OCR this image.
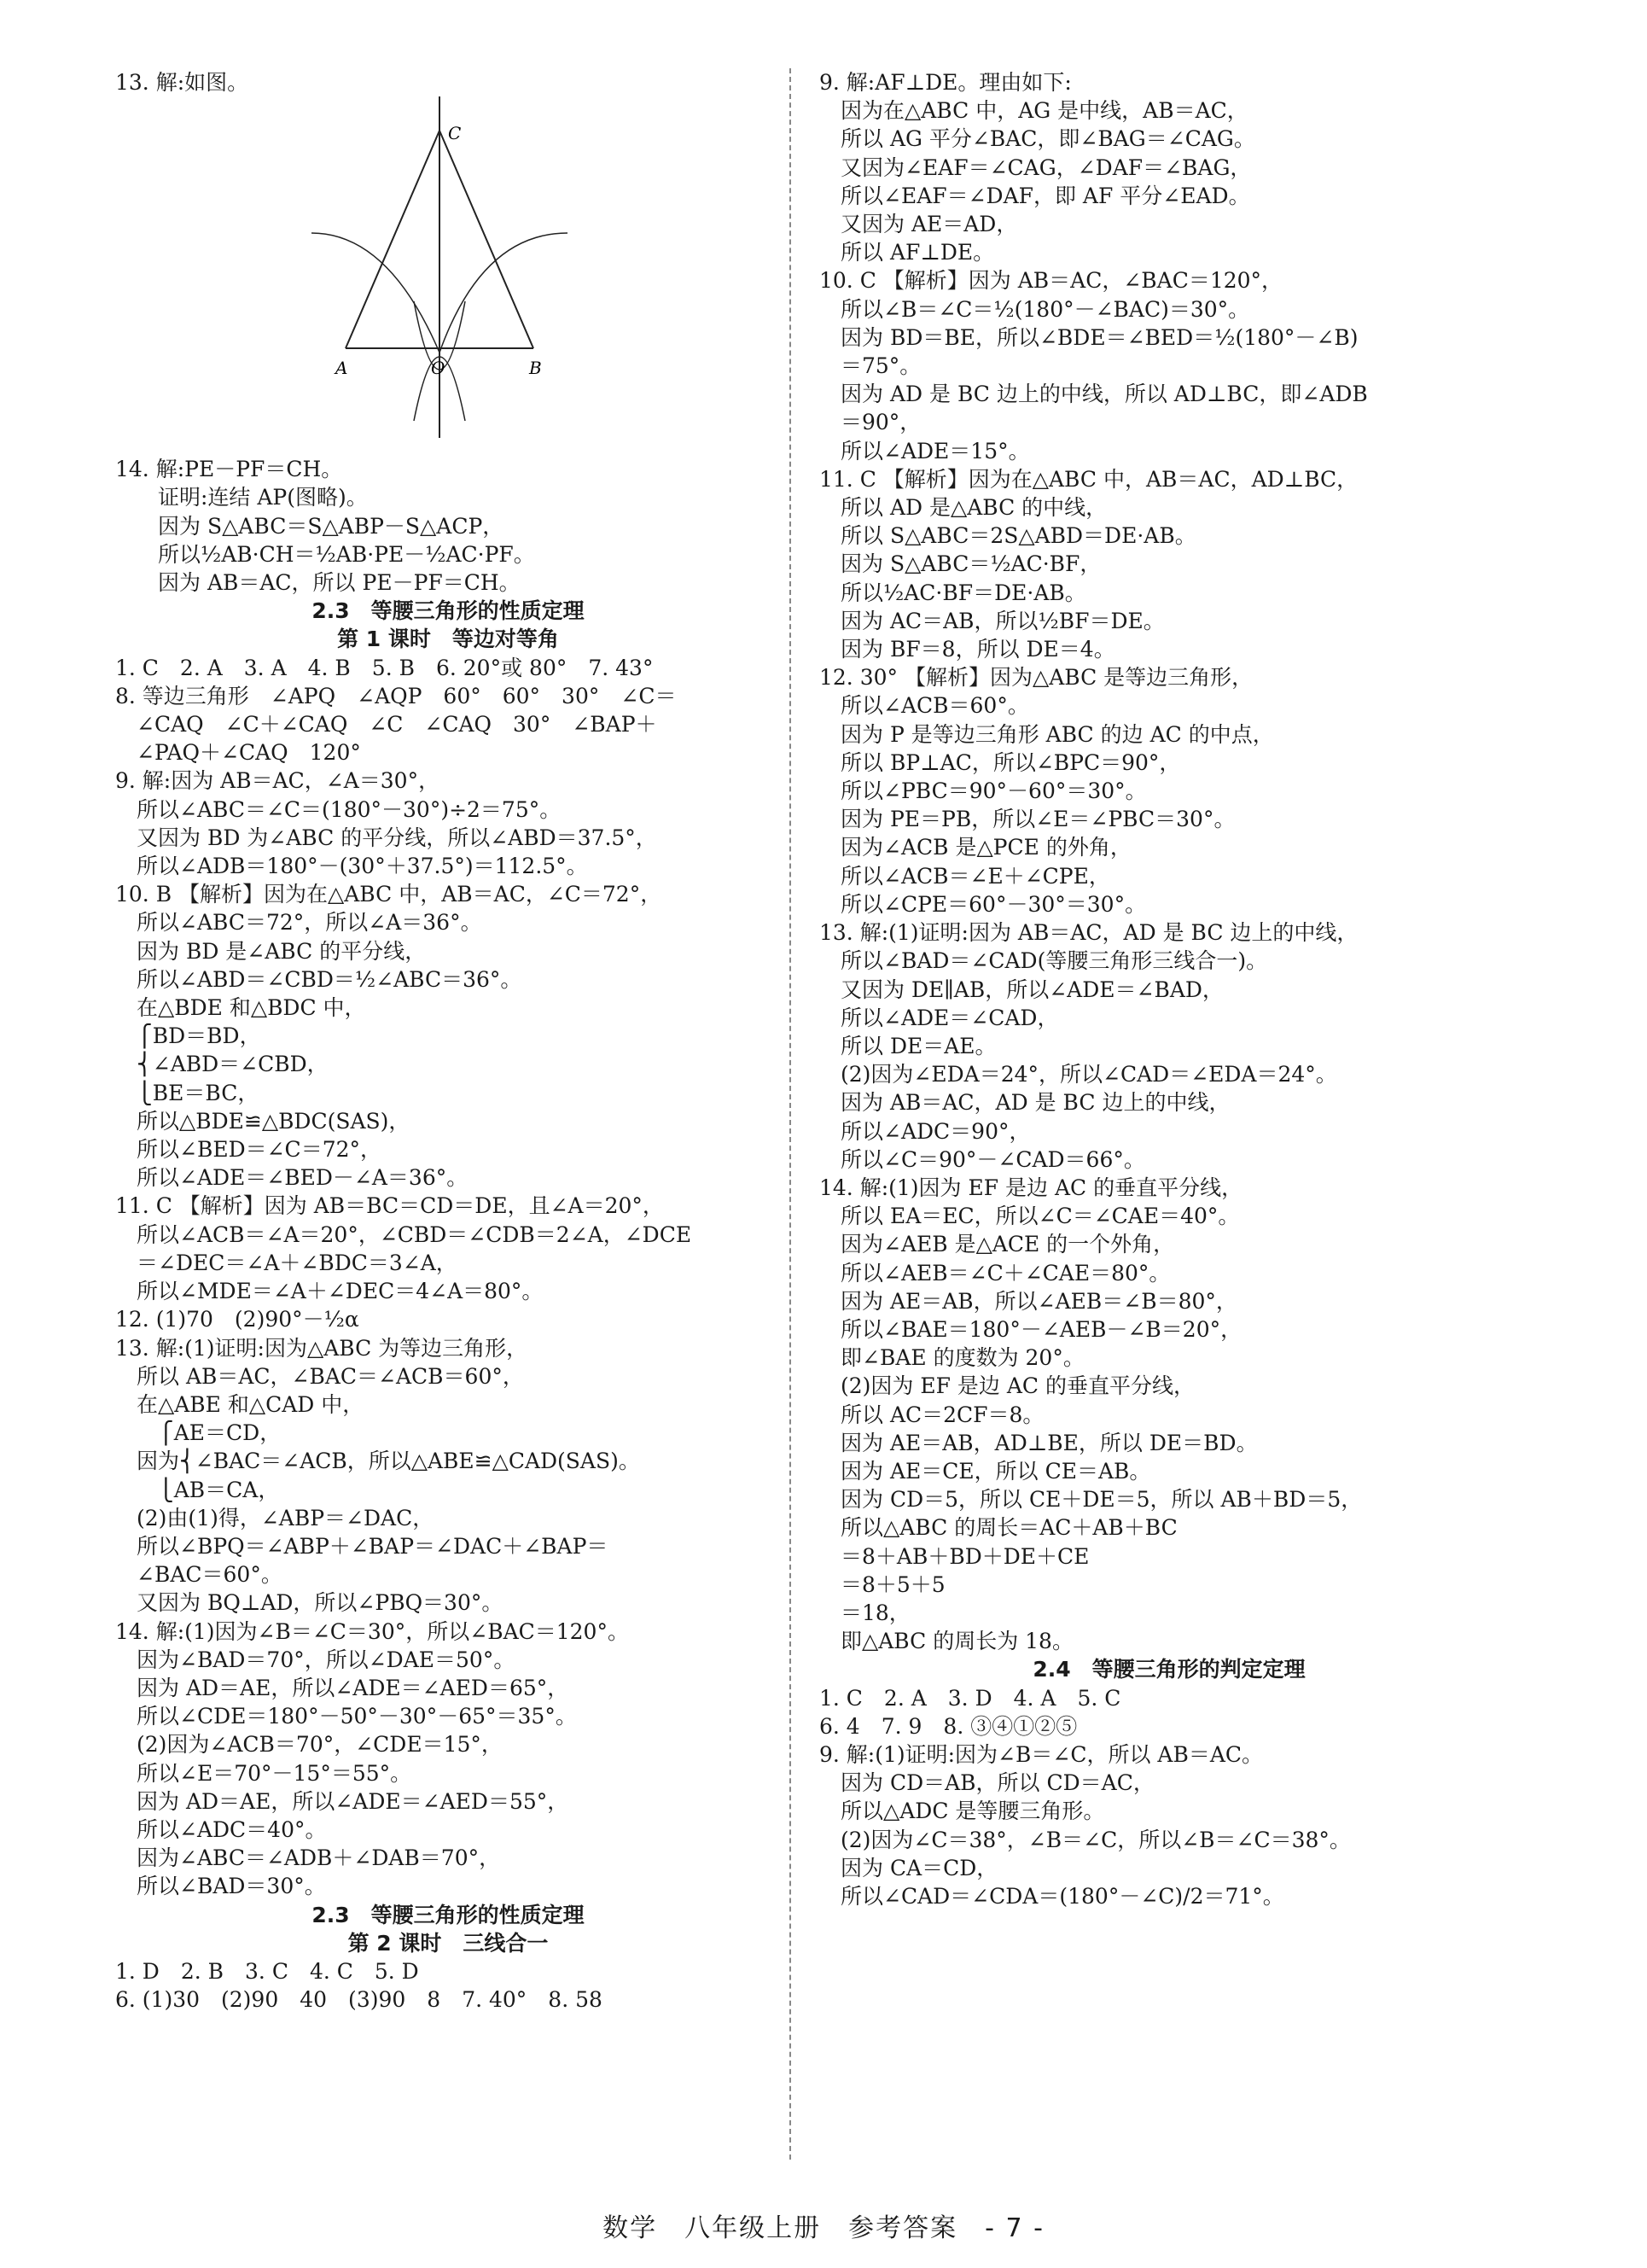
13. 解:如图。
C
A	O	B
14. 解:PE－PF＝CH。
　　证明:连结 AP(图略)。
　　因为 S△ABC＝S△ABP－S△ACP，
　　所以½AB·CH＝½AB·PE－½AC·PF。
　　因为 AB＝AC，所以 PE－PF＝CH。
2.3　等腰三角形的性质定理
第 1 课时　等边对等角
1. C　2. A　3. A　4. B　5. B　6. 20°或 80°　7. 43°
8. 等边三角形　∠APQ　∠AQP　60°　60°　30°　∠C＝
　∠CAQ　∠C＋∠CAQ　∠C　∠CAQ　30°　∠BAP＋
　∠PAQ＋∠CAQ　120°
9. 解:因为 AB＝AC，∠A＝30°，
　所以∠ABC＝∠C＝(180°－30°)÷2＝75°。
　又因为 BD 为∠ABC 的平分线，所以∠ABD＝37.5°，
　所以∠ADB＝180°－(30°＋37.5°)＝112.5°。
10. B 【解析】因为在△ABC 中，AB＝AC，∠C＝72°，
　所以∠ABC＝72°，所以∠A＝36°。
　因为 BD 是∠ABC 的平分线，
　所以∠ABD＝∠CBD＝½∠ABC＝36°。
　在△BDE 和△BDC 中，
　⎧BD＝BD，
　⎨∠ABD＝∠CBD，
　⎩BE＝BC，
　所以△BDE≌△BDC(SAS)，
　所以∠BED＝∠C＝72°，
　所以∠ADE＝∠BED－∠A＝36°。
11. C 【解析】因为 AB＝BC＝CD＝DE，且∠A＝20°，
　所以∠ACB＝∠A＝20°，∠CBD＝∠CDB＝2∠A，∠DCE
　＝∠DEC＝∠A＋∠BDC＝3∠A，
　所以∠MDE＝∠A＋∠DEC＝4∠A＝80°。
12. (1)70　(2)90°－½α
13. 解:(1)证明:因为△ABC 为等边三角形，
　所以 AB＝AC，∠BAC＝∠ACB＝60°，
　在△ABE 和△CAD 中，
　　⎧AE＝CD，
　因为⎨∠BAC＝∠ACB，所以△ABE≌△CAD(SAS)。
　　⎩AB＝CA，
　(2)由(1)得，∠ABP＝∠DAC，
　所以∠BPQ＝∠ABP＋∠BAP＝∠DAC＋∠BAP＝
　∠BAC＝60°。
　又因为 BQ⊥AD，所以∠PBQ＝30°。
14. 解:(1)因为∠B＝∠C＝30°，所以∠BAC＝120°。
　因为∠BAD＝70°，所以∠DAE＝50°。
　因为 AD＝AE，所以∠ADE＝∠AED＝65°，
　所以∠CDE＝180°－50°－30°－65°＝35°。
　(2)因为∠ACB＝70°，∠CDE＝15°，
　所以∠E＝70°－15°＝55°。
　因为 AD＝AE，所以∠ADE＝∠AED＝55°，
　所以∠ADC＝40°。
　因为∠ABC＝∠ADB＋∠DAB＝70°，
　所以∠BAD＝30°。
2.3　等腰三角形的性质定理
第 2 课时　三线合一
1. D　2. B　3. C　4. C　5. D
6. (1)30　(2)90　40　(3)90　8　7. 40°　8. 58
9. 解:AF⊥DE。理由如下:
　因为在△ABC 中，AG 是中线，AB＝AC，
　所以 AG 平分∠BAC，即∠BAG＝∠CAG。
　又因为∠EAF＝∠CAG，∠DAF＝∠BAG，
　所以∠EAF＝∠DAF，即 AF 平分∠EAD。
　又因为 AE＝AD，
　所以 AF⊥DE。
10. C 【解析】因为 AB＝AC，∠BAC＝120°，
　所以∠B＝∠C＝½(180°－∠BAC)＝30°。
　因为 BD＝BE，所以∠BDE＝∠BED＝½(180°－∠B)
　＝75°。
　因为 AD 是 BC 边上的中线，所以 AD⊥BC，即∠ADB
　＝90°，
　所以∠ADE＝15°。
11. C 【解析】因为在△ABC 中，AB＝AC，AD⊥BC，
　所以 AD 是△ABC 的中线，
　所以 S△ABC＝2S△ABD＝DE·AB。
　因为 S△ABC＝½AC·BF，
　所以½AC·BF＝DE·AB。
　因为 AC＝AB，所以½BF＝DE。
　因为 BF＝8，所以 DE＝4。
12. 30° 【解析】因为△ABC 是等边三角形，
　所以∠ACB＝60°。
　因为 P 是等边三角形 ABC 的边 AC 的中点，
　所以 BP⊥AC，所以∠BPC＝90°，
　所以∠PBC＝90°－60°＝30°。
　因为 PE＝PB，所以∠E＝∠PBC＝30°。
　因为∠ACB 是△PCE 的外角，
　所以∠ACB＝∠E＋∠CPE，
　所以∠CPE＝60°－30°＝30°。
13. 解:(1)证明:因为 AB＝AC，AD 是 BC 边上的中线，
　所以∠BAD＝∠CAD(等腰三角形三线合一)。
　又因为 DE∥AB，所以∠ADE＝∠BAD，
　所以∠ADE＝∠CAD，
　所以 DE＝AE。
　(2)因为∠EDA＝24°，所以∠CAD＝∠EDA＝24°。
　因为 AB＝AC，AD 是 BC 边上的中线，
　所以∠ADC＝90°，
　所以∠C＝90°－∠CAD＝66°。
14. 解:(1)因为 EF 是边 AC 的垂直平分线，
　所以 EA＝EC，所以∠C＝∠CAE＝40°。
　因为∠AEB 是△ACE 的一个外角，
　所以∠AEB＝∠C＋∠CAE＝80°。
　因为 AE＝AB，所以∠AEB＝∠B＝80°，
　所以∠BAE＝180°－∠AEB－∠B＝20°，
　即∠BAE 的度数为 20°。
　(2)因为 EF 是边 AC 的垂直平分线，
　所以 AC＝2CF＝8。
　因为 AE＝AB，AD⊥BE，所以 DE＝BD。
　因为 AE＝CE，所以 CE＝AB。
　因为 CD＝5，所以 CE＋DE＝5，所以 AB＋BD＝5，
　所以△ABC 的周长＝AC＋AB＋BC
　＝8＋AB＋BD＋DE＋CE
　＝8＋5＋5
　＝18，
　即△ABC 的周长为 18。
2.4　等腰三角形的判定定理
1. C　2. A　3. D　4. A　5. C
6. 4　7. 9　8. ③④①②⑤
9. 解:(1)证明:因为∠B＝∠C，所以 AB＝AC。
　因为 CD＝AB，所以 CD＝AC，
　所以△ADC 是等腰三角形。
　(2)因为∠C＝38°，∠B＝∠C，所以∠B＝∠C＝38°。
　因为 CA＝CD，
　所以∠CAD＝∠CDA＝(180°－∠C)/2＝71°。
数学　八年级上册　参考答案　- 7 -
